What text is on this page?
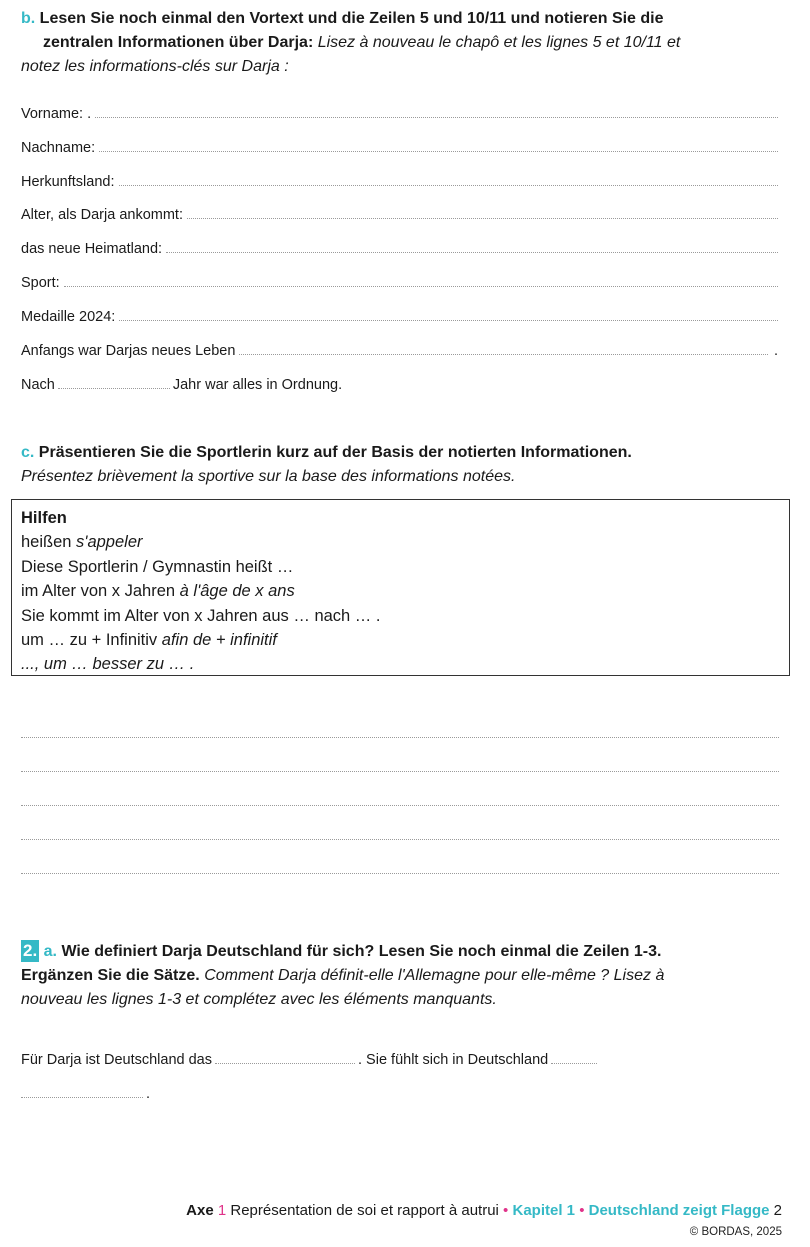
b. Lesen Sie noch einmal den Vortext und die Zeilen 5 und 10/11 und notieren Sie die
zentralen Informationen über Darja: Lisez à nouveau le chapô et les lignes 5 et 10/11 et
notez les informations-clés sur Darja :
Vorname: .
Nachname:
Herkunftsland:
Alter, als Darja ankommt:
das neue Heimatland:
Sport:
Medaille 2024:
Anfangs war Darjas neues Leben	.
Nach	Jahr war alles in Ordnung.
c. Präsentieren Sie die Sportlerin kurz auf der Basis der notierten Informationen.
Présentez brièvement la sportive sur la base des informations notées.
Hilfen
heißen s'appeler
Diese Sportlerin / Gymnastin heißt …
im Alter von x Jahren à l'âge de x ans
Sie kommt im Alter von x Jahren aus … nach … .
um … zu + Infinitiv afin de + infinitif
..., um … besser zu … .
2. a. Wie definiert Darja Deutschland für sich? Lesen Sie noch einmal die Zeilen 1-3.
Ergänzen Sie die Sätze. Comment Darja définit-elle l'Allemagne pour elle-même ? Lisez à
nouveau les lignes 1-3 et complétez avec les éléments manquants.
Für Darja ist Deutschland das	. Sie fühlt sich in Deutschland
.
Axe 1 Représentation de soi et rapport à autrui • Kapitel 1 • Deutschland zeigt Flagge 2
© BORDAS, 2025
